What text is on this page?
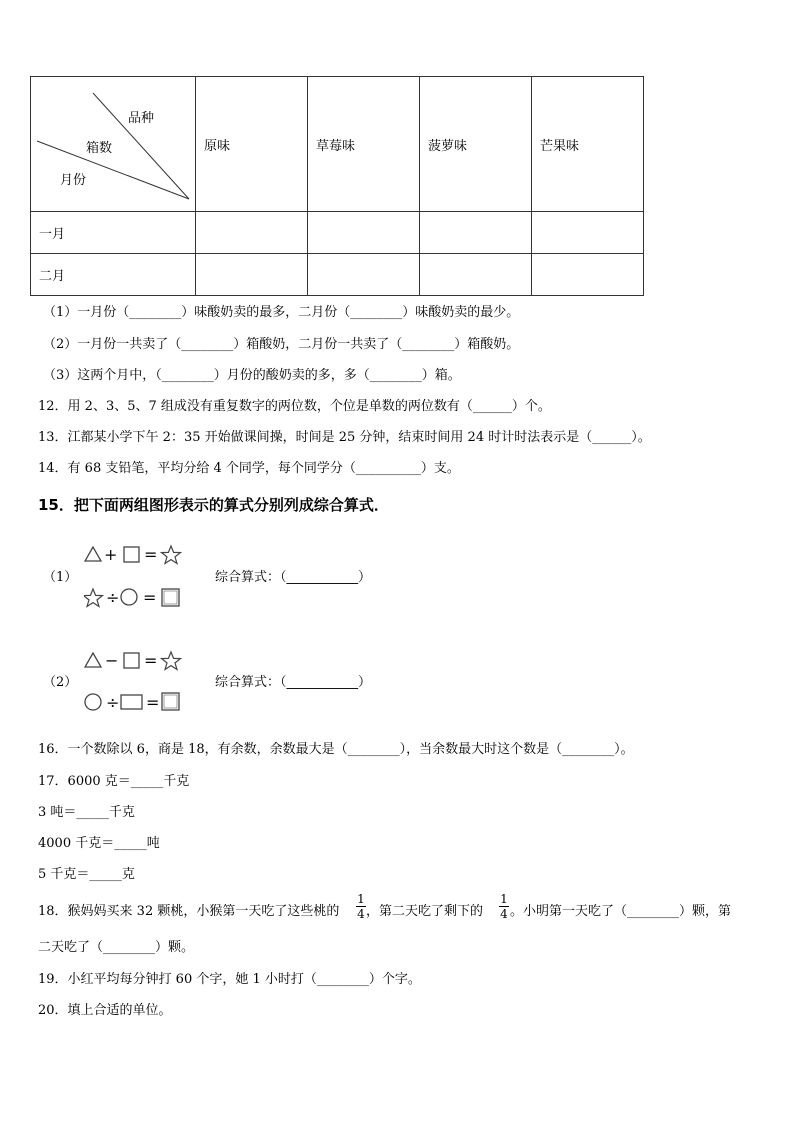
品种
箱数
月份	原味	草莓味	菠萝味	芒果味
一月				
二月				
（1）一月份（________）味酸奶卖的最多，二月份（________）味酸奶卖的最少。
（2）一月份一共卖了（________）箱酸奶，二月份一共卖了（________）箱酸奶。
（3）这两个月中，（________）月份的酸奶卖的多，多（________）箱。
12．用 2、3、5、7 组成没有重复数字的两位数，个位是单数的两位数有（______）个。
13．江都某小学下午 2：35 开始做课间操，时间是 25 分钟，结束时间用 24 时计时法表示是（______）。
14．有 68 支铅笔，平均分给 4 个同学，每个同学分（__________）支。
15．把下面两组图形表示的算式分别列成综合算式．
（1）
+ =
÷ =
综合算式：（___________）
（2）
− =
÷ =
综合算式：（___________）
16．一个数除以 6，商是 18，有余数，余数最大是（________），当余数最大时这个数是（________）。
17．6000 克＝_____千克
3 吨＝_____千克
4000 千克＝_____吨
5 千克＝_____克
18．猴妈妈买来 32 颗桃，小猴第一天吃了这些桃的
1
4 ，第二天吃了剩下的
1
4 。小明第一天吃了（________）颗，第
二天吃了（________）颗。
19．小红平均每分钟打 60 个字，她 1 小时打（________）个字。
20．填上合适的单位。
